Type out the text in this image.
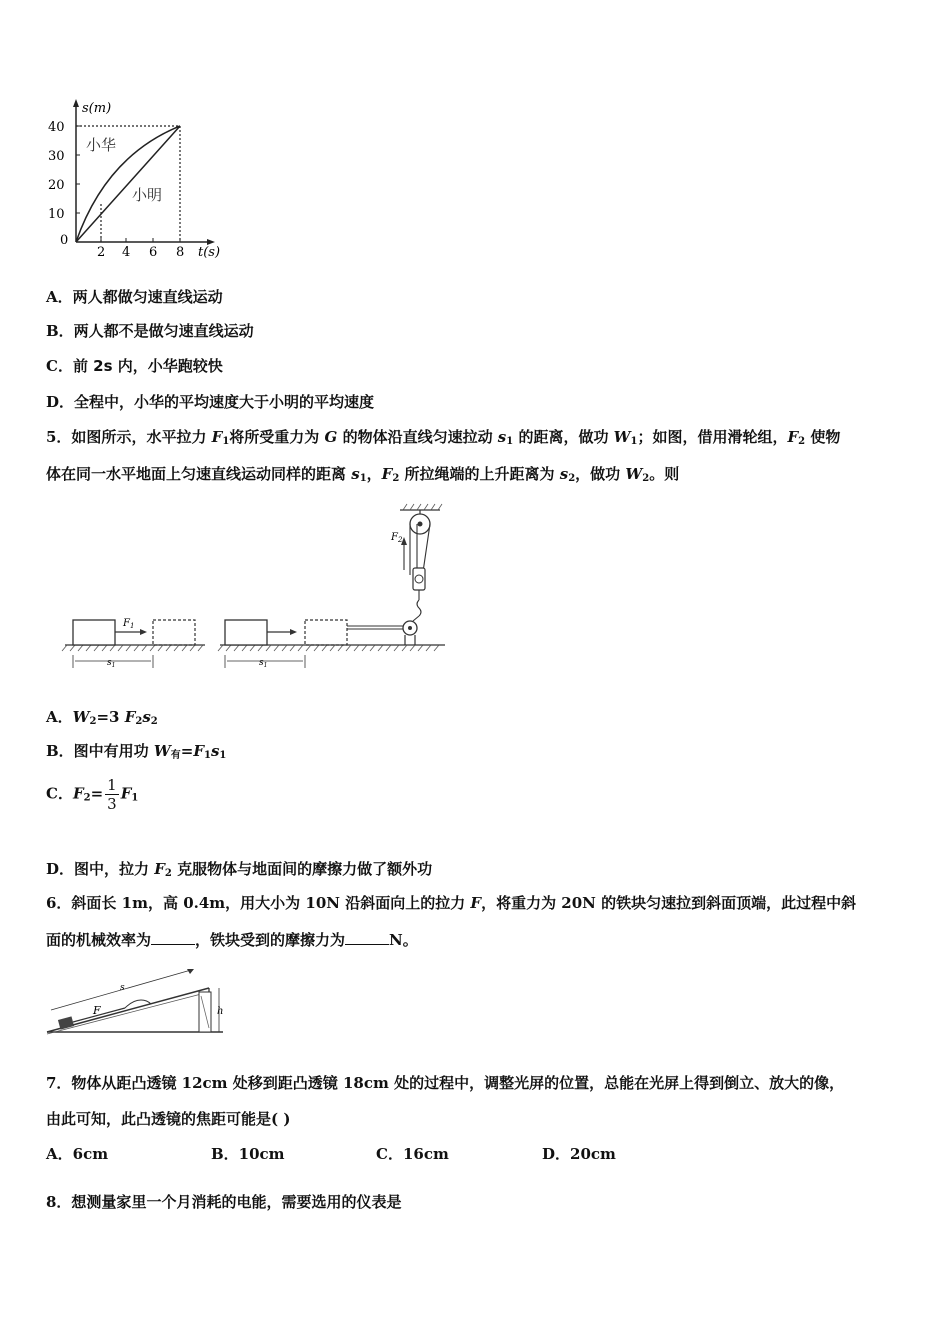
s(m)
t(s)
40
30
20
10
0
2 4 6 8
小华
小明
A．两人都做匀速直线运动
B．两人都不是做匀速直线运动
C．前 2s 内，小华跑较快
D．全程中，小华的平均速度大于小明的平均速度
5．如图所示，水平拉力 $F_1$将所受重力为 G 的物体沿直线匀速拉动 $s_1$ 的距离，做功 $W_1$；如图，借用滑轮组，$F_2$ 使物
体在同一水平地面上匀速直线运动同样的距离 $s_1$，$F_2$ 所拉绳端的上升距离为 $s_2$，做功 $W_2$。则
$F_1$
$s_1$	$s_1$
$F_2$
A．$W_2=3$ $F_2s_2$
B．图中有用功 $W_有=F_1s_1$
C．$F_2= \frac{1}{3} F_1$
D．图中，拉力 $F_2$ 克服物体与地面间的摩擦力做了额外功
6．斜面长 1m，高 0.4m，用大小为 10N 沿斜面向上的拉力 F，将重力为 20N 的铁块匀速拉到斜面顶端，此过程中斜
面的机械效率为	，铁块受到的摩擦力为	N。
s
F	h
7．物体从距凸透镜 12cm 处移到距凸透镜 18cm 处的过程中，调整光屏的位置，总能在光屏上得到倒立、放大的像，
由此可知，此凸透镜的焦距可能是( )
A．6cm	B．10cm	C．16cm	D．20cm
8．想测量家里一个月消耗的电能，需要选用的仪表是
